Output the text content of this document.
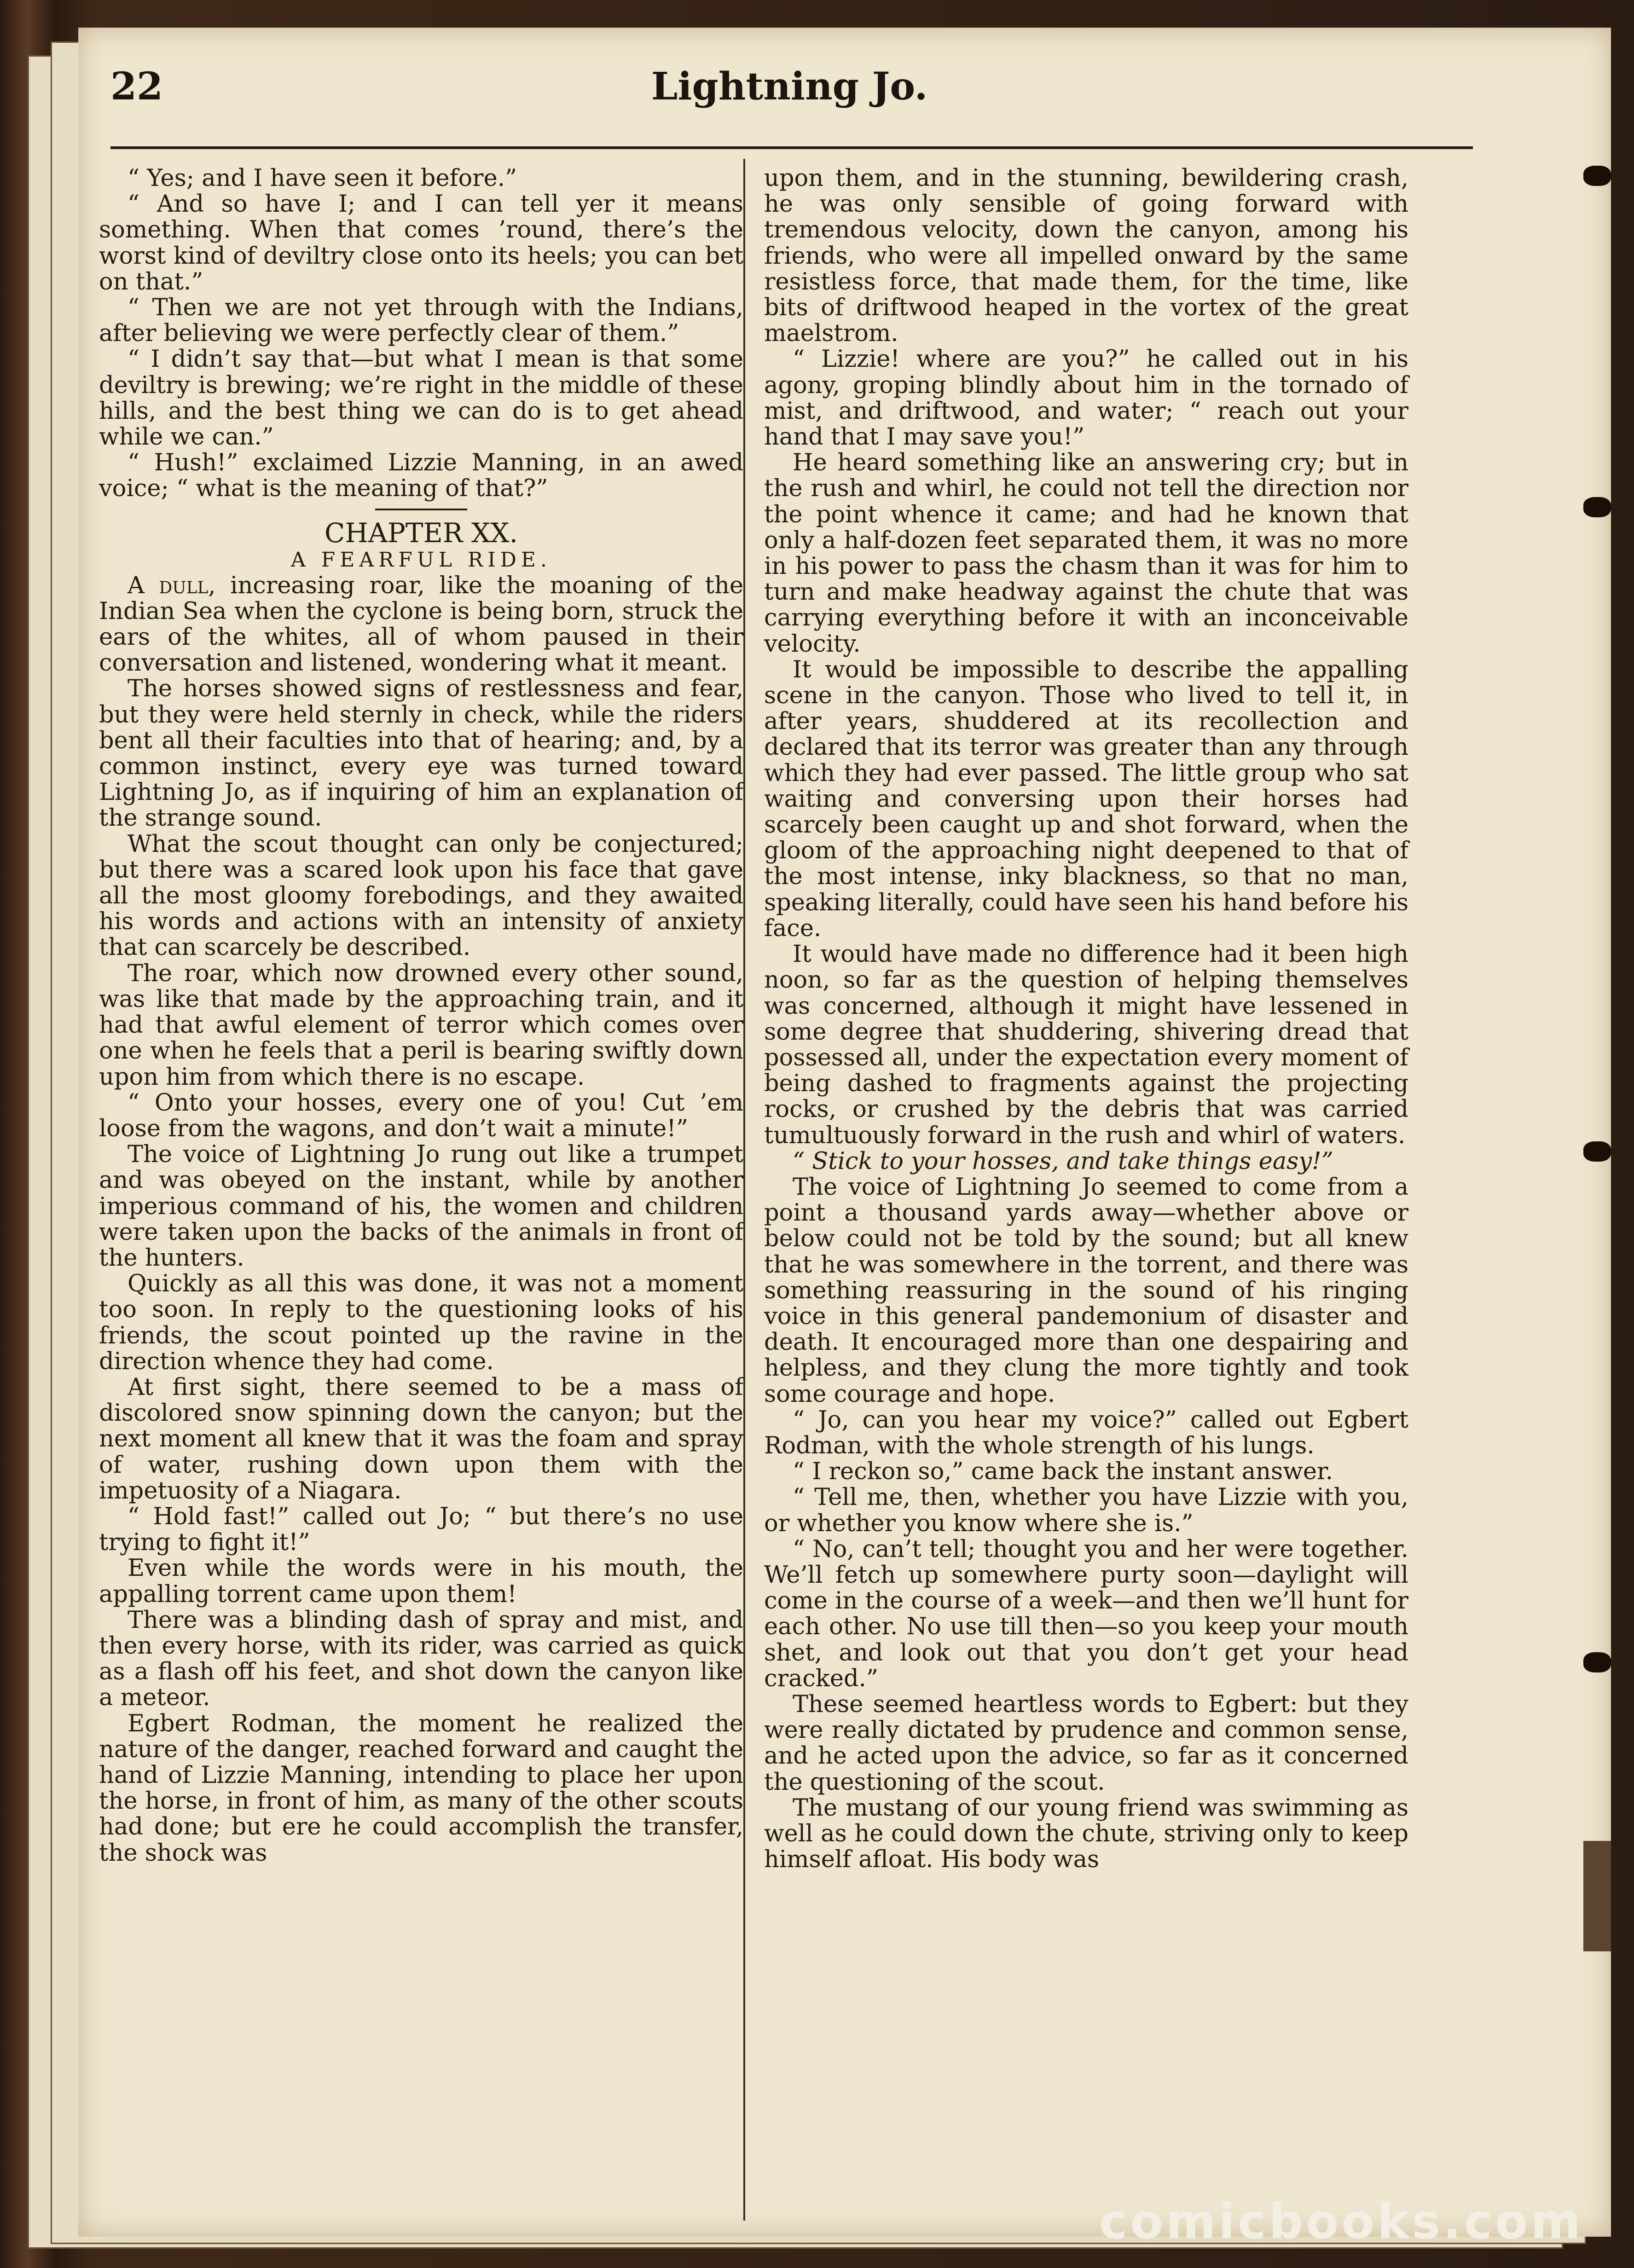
22	Lightning Jo.

“ Yes; and I have seen it before.”

“ And so have I; and I can tell yer it means something. When that comes ’round, there’s the worst kind of deviltry close onto its heels; you can bet on that.”

“ Then we are not yet through with the Indians, after believing we were perfectly clear of them.”

“ I didn’t say that—but what I mean is that some deviltry is brewing; we’re right in the middle of these hills, and the best thing we can do is to get ahead while we can.”

“ Hush!” exclaimed Lizzie Manning, in an awed voice; “ what is the meaning of that?”

CHAPTER XX.

A FEARFUL RIDE.

A dull, increasing roar, like the moaning of the Indian Sea when the cyclone is being born, struck the ears of the whites, all of whom paused in their conversation and listened, wondering what it meant.

The horses showed signs of restlessness and fear, but they were held sternly in check, while the riders bent all their faculties into that of hearing; and, by a common instinct, every eye was turned toward Lightning Jo, as if inquiring of him an explanation of the strange sound.

What the scout thought can only be conjectured; but there was a scared look upon his face that gave all the most gloomy forebodings, and they awaited his words and actions with an intensity of anxiety that can scarcely be described.

The roar, which now drowned every other sound, was like that made by the approaching train, and it had that awful element of terror which comes over one when he feels that a peril is bearing swiftly down upon him from which there is no escape.

“ Onto your hosses, every one of you! Cut ’em loose from the wagons, and don’t wait a minute!”

The voice of Lightning Jo rung out like a trumpet and was obeyed on the instant, while by another imperious command of his, the women and children were taken upon the backs of the animals in front of the hunters.

Quickly as all this was done, it was not a moment too soon. In reply to the questioning looks of his friends, the scout pointed up the ravine in the direction whence they had come.

At first sight, there seemed to be a mass of discolored snow spinning down the canyon; but the next moment all knew that it was the foam and spray of water, rushing down upon them with the impetuosity of a Niagara.

“ Hold fast!” called out Jo; “ but there’s no use trying to fight it!”

Even while the words were in his mouth, the appalling torrent came upon them!

There was a blinding dash of spray and mist, and then every horse, with its rider, was carried as quick as a flash off his feet, and shot down the canyon like a meteor.

Egbert Rodman, the moment he realized the nature of the danger, reached forward and caught the hand of Lizzie Manning, intending to place her upon the horse, in front of him, as many of the other scouts had done; but ere he could accomplish the transfer, the shock was

upon them, and in the stunning, bewildering crash, he was only sensible of going forward with tremendous velocity, down the canyon, among his friends, who were all impelled onward by the same resistless force, that made them, for the time, like bits of driftwood heaped in the vortex of the great maelstrom.

“ Lizzie! where are you?” he called out in his agony, groping blindly about him in the tornado of mist, and driftwood, and water; “ reach out your hand that I may save you!”

He heard something like an answering cry; but in the rush and whirl, he could not tell the direction nor the point whence it came; and had he known that only a half-dozen feet separated them, it was no more in his power to pass the chasm than it was for him to turn and make headway against the chute that was carrying everything before it with an inconceivable velocity.

It would be impossible to describe the appalling scene in the canyon. Those who lived to tell it, in after years, shuddered at its recollection and declared that its terror was greater than any through which they had ever passed. The little group who sat waiting and conversing upon their horses had scarcely been caught up and shot forward, when the gloom of the approaching night deepened to that of the most intense, inky blackness, so that no man, speaking literally, could have seen his hand before his face.

It would have made no difference had it been high noon, so far as the question of helping themselves was concerned, although it might have lessened in some degree that shuddering, shivering dread that possessed all, under the expectation every moment of being dashed to fragments against the projecting rocks, or crushed by the debris that was carried tumultuously forward in the rush and whirl of waters.

“ Stick to your hosses, and take things easy!”

The voice of Lightning Jo seemed to come from a point a thousand yards away—whether above or below could not be told by the sound; but all knew that he was somewhere in the torrent, and there was something reassuring in the sound of his ringing voice in this general pandemonium of disaster and death. It encouraged more than one despairing and helpless, and they clung the more tightly and took some courage and hope.

“ Jo, can you hear my voice?” called out Egbert Rodman, with the whole strength of his lungs.

“ I reckon so,” came back the instant answer.

“ Tell me, then, whether you have Lizzie with you, or whether you know where she is.”

“ No, can’t tell; thought you and her were together. We’ll fetch up somewhere purty soon—daylight will come in the course of a week—and then we’ll hunt for each other. No use till then—so you keep your mouth shet, and look out that you don’t get your head cracked.”

These seemed heartless words to Egbert: but they were really dictated by prudence and common sense, and he acted upon the advice, so far as it concerned the questioning of the scout.

The mustang of our young friend was swimming as well as he could down the chute, striving only to keep himself afloat. His body was

comicbooks.com
